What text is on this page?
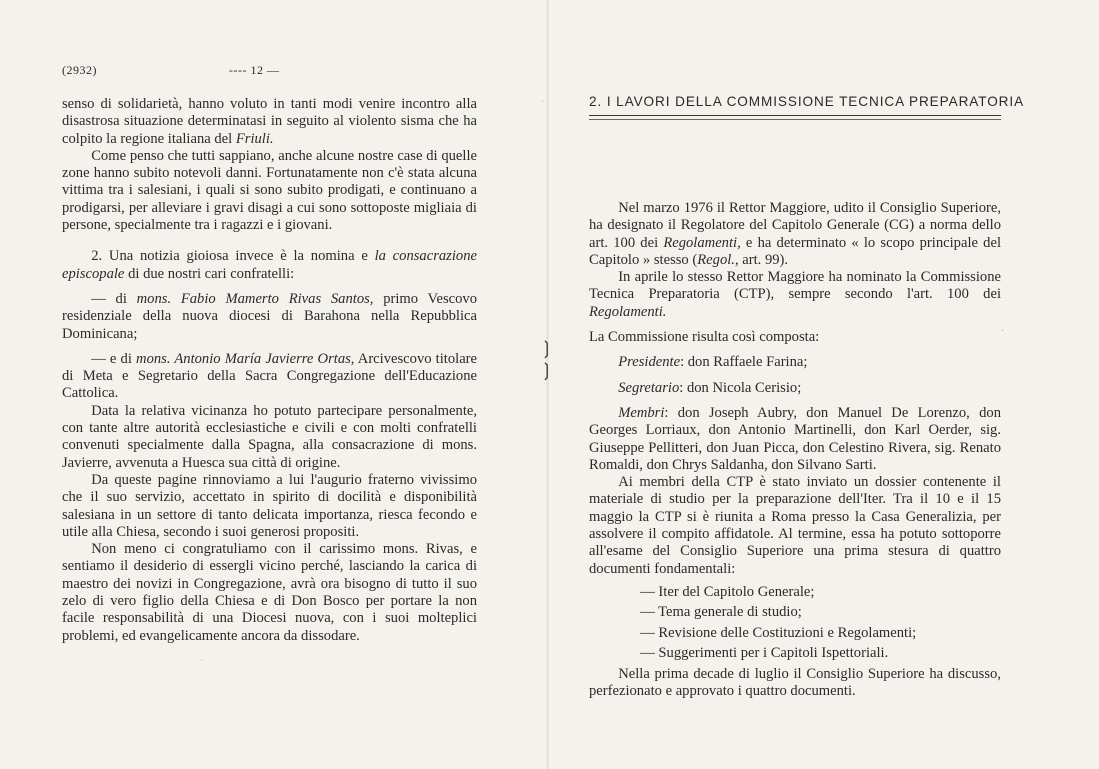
(2932)	---- 12 —

senso di solidarietà, hanno voluto in tanti modi venire incontro alla disastrosa situazione determinatasi in seguito al violento sisma che ha colpito la regione italiana del Friuli.

Come penso che tutti sappiano, anche alcune nostre case di quelle zone hanno subito notevoli danni. Fortunatamente non c'è stata alcuna vittima tra i salesiani, i quali si sono subito prodigati, e continuano a prodigarsi, per alleviare i gravi disagi a cui sono sottoposte migliaia di persone, specialmente tra i ragazzi e i giovani.

2. Una notizia gioiosa invece è la nomina e la consacrazione episcopale di due nostri cari confratelli:

— di mons. Fabio Mamerto Rivas Santos, primo Vescovo residenziale della nuova diocesi di Barahona nella Repubblica Dominicana;

— e di mons. Antonio María Javierre Ortas, Arcivescovo titolare di Meta e Segretario della Sacra Congregazione dell'Educazione Cattolica.

Data la relativa vicinanza ho potuto partecipare personalmente, con tante altre autorità ecclesiastiche e civili e con molti confratelli convenuti specialmente dalla Spagna, alla consacrazione di mons. Javierre, avvenuta a Huesca sua città di origine.

Da queste pagine rinnoviamo a lui l'augurio fraterno vivissimo che il suo servizio, accettato in spirito di docilità e disponibilità salesiana in un settore di tanto delicata importanza, riesca fecondo e utile alla Chiesa, secondo i suoi generosi propositi.

Non meno ci congratuliamo con il carissimo mons. Rivas, e sentiamo il desiderio di essergli vicino perché, lasciando la carica di maestro dei novizi in Congregazione, avrà ora bisogno di tutto il suo zelo di vero figlio della Chiesa e di Don Bosco per portare la non facile responsabilità di una Diocesi nuova, con i suoi molteplici problemi, ed evangelicamente ancora da dissodare.

❳
❳
2. I LAVORI DELLA COMMISSIONE TECNICA PREPARATORIA

Nel marzo 1976 il Rettor Maggiore, udito il Consiglio Superiore, ha designato il Regolatore del Capitolo Generale (CG) a norma dello art. 100 dei Regolamenti, e ha determinato « lo scopo principale del Capitolo » stesso (Regol., art. 99).

In aprile lo stesso Rettor Maggiore ha nominato la Commissione Tecnica Preparatoria (CTP), sempre secondo l'art. 100 dei Regolamenti.

La Commissione risulta così composta:

Presidente: don Raffaele Farina;

Segretario: don Nicola Cerisio;

Membri: don Joseph Aubry, don Manuel De Lorenzo, don Georges Lorriaux, don Antonio Martinelli, don Karl Oerder, sig. Giuseppe Pellitteri, don Juan Picca, don Celestino Rivera, sig. Renato Romaldi, don Chrys Saldanha, don Silvano Sarti.

Ai membri della CTP è stato inviato un dossier contenente il materiale di studio per la preparazione dell'Iter. Tra il 10 e il 15 maggio la CTP si è riunita a Roma presso la Casa Generalizia, per assolvere il compito affidatole. Al termine, essa ha potuto sottoporre all'esame del Consiglio Superiore una prima stesura di quattro documenti fondamentali:

— Iter del Capitolo Generale;

— Tema generale di studio;

— Revisione delle Costituzioni e Regolamenti;

— Suggerimenti per i Capitoli Ispettoriali.

Nella prima decade di luglio il Consiglio Superiore ha discusso, perfezionato e approvato i quattro documenti.

·
·
·
